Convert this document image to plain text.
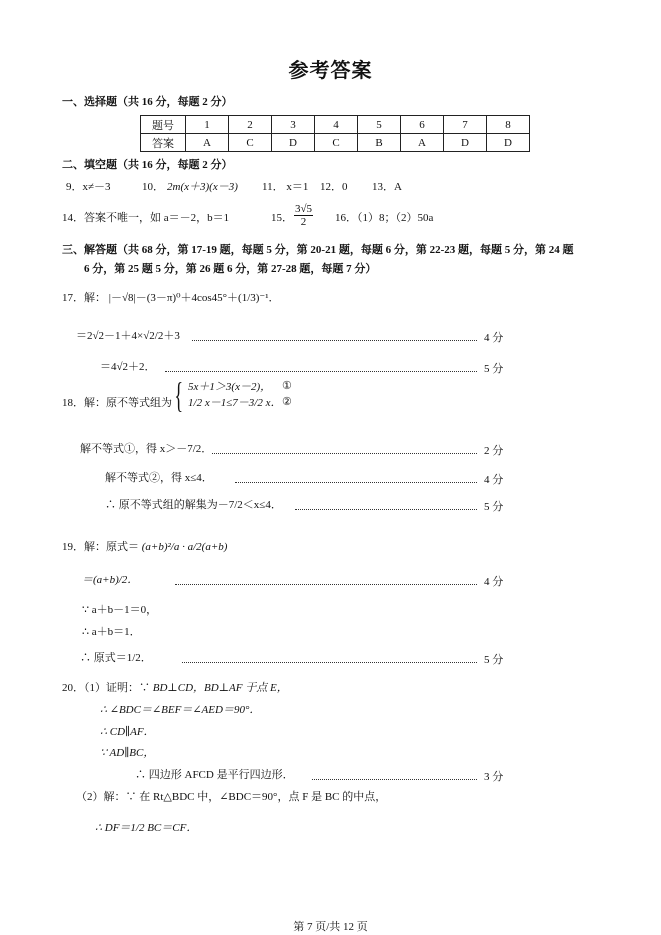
参考答案
一、选择题（共 16 分，每题 2 分）
题号	1	2	3	4	5	6	7	8
答案	A	C	D	C	B	A	D	D
二、填空题（共 16 分，每题 2 分）
9．x≠－3	10． 2m(x＋3)(x－3) 11． x＝1 12．0 13．A
14．答案不唯一，如 a＝－2，b＝1	15． $\frac{3√5}{2} 16$．（1）8；（2）50a
三、解答题（共 68 分，第 17-19 题，每题 5 分，第 20-21 题，每题 6 分，第 22-23 题，每题 5 分，第 24 题
6 分，第 25 题 5 分，第 26 题 6 分，第 27-28 题，每题 7 分）
17．解： |－√8|－(3－π)⁰＋4cos45°＋(1/3)⁻¹．
＝2√2－1＋4×√2/2＋3	4 分
＝4√2＋2．	5 分
18．解：原不等式组为 { 5x＋1＞3(x－2)，
1/2 x－1≤7－3/2 x．
①
②
解不等式①，得 x＞－7/2．	2 分
解不等式②，得 x≤4．	4 分
∴ 原不等式组的解集为－7/2＜x≤4．	5 分
19．解：原式＝ (a+b)²/a · a/2(a+b)
＝(a+b)/2．	4 分
∵ a＋b－1＝0，
∴ a＋b＝1．
∴ 原式＝1/2．	5 分
20．（1）证明：∵ BD⊥CD，BD⊥AF 于点 E，
∴ ∠BDC＝∠BEF＝∠AED＝90°．
∴ CD∥AF．
∵ AD∥BC，
∴ 四边形 AFCD 是平行四边形．	3 分
（2）解：∵ 在 Rt△BDC 中，∠BDC＝90°，点 F 是 BC 的中点，
∴ DF＝1/2 BC＝CF．
第 7 页/共 12 页
